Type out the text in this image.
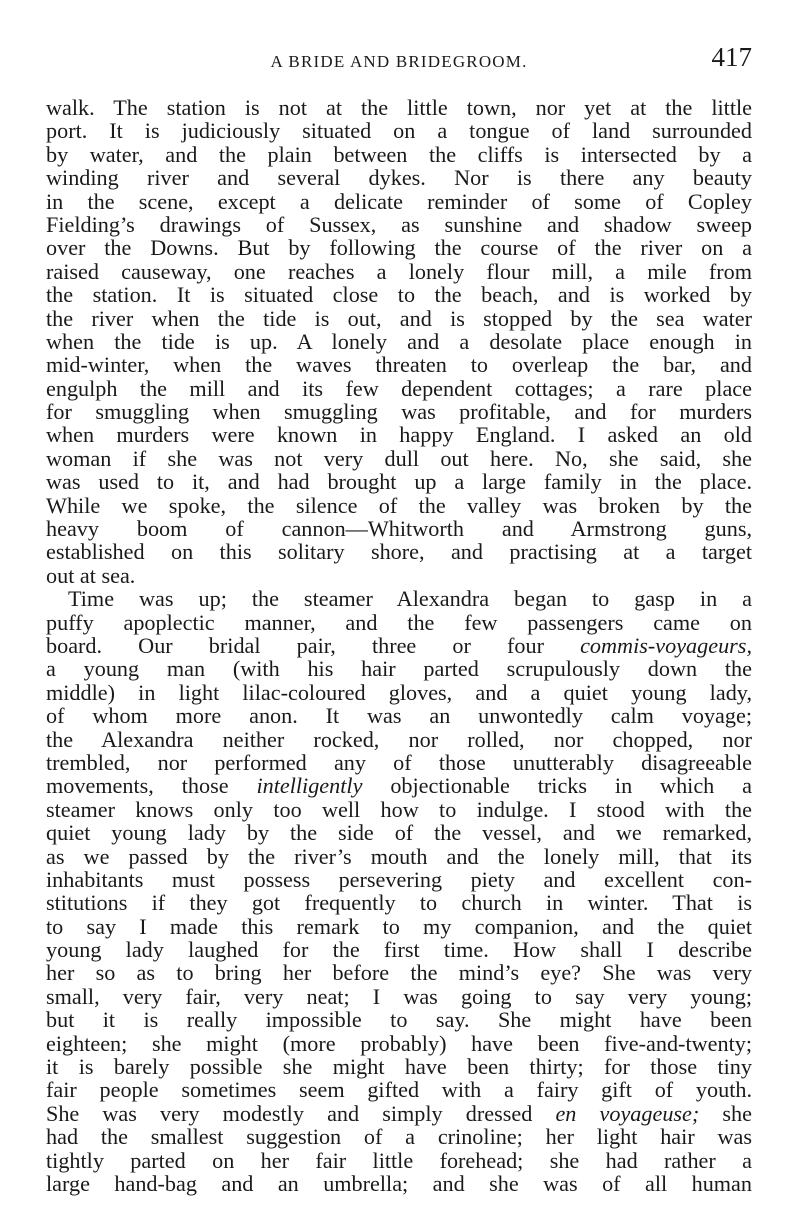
A BRIDE AND BRIDEGROOM.	417
walk. The station is not at the little town, nor yet at the little
port. It is judiciously situated on a tongue of land surrounded
by water, and the plain between the cliffs is intersected by a
winding river and several dykes. Nor is there any beauty
in the scene, except a delicate reminder of some of Copley
Fielding’s drawings of Sussex, as sunshine and shadow sweep
over the Downs. But by following the course of the river on a
raised causeway, one reaches a lonely flour mill, a mile from
the station. It is situated close to the beach, and is worked by
the river when the tide is out, and is stopped by the sea water
when the tide is up. A lonely and a desolate place enough in
mid-winter, when the waves threaten to overleap the bar, and
engulph the mill and its few dependent cottages; a rare place
for smuggling when smuggling was profitable, and for murders
when murders were known in happy England. I asked an old
woman if she was not very dull out here. No, she said, she
was used to it, and had brought up a large family in the place.
While we spoke, the silence of the valley was broken by the
heavy boom of cannon—Whitworth and Armstrong guns,
established on this solitary shore, and practising at a target
out at sea.
Time was up; the steamer Alexandra began to gasp in a
puffy apoplectic manner, and the few passengers came on
board. Our bridal pair, three or four commis-voyageurs,
a young man (with his hair parted scrupulously down the
middle) in light lilac-coloured gloves, and a quiet young lady,
of whom more anon. It was an unwontedly calm voyage;
the Alexandra neither rocked, nor rolled, nor chopped, nor
trembled, nor performed any of those unutterably disagreeable
movements, those intelligently objectionable tricks in which a
steamer knows only too well how to indulge. I stood with the
quiet young lady by the side of the vessel, and we remarked,
as we passed by the river’s mouth and the lonely mill, that its
inhabitants must possess persevering piety and excellent con-
stitutions if they got frequently to church in winter. That is
to say I made this remark to my companion, and the quiet
young lady laughed for the first time. How shall I describe
her so as to bring her before the mind’s eye? She was very
small, very fair, very neat; I was going to say very young;
but it is really impossible to say. She might have been
eighteen; she might (more probably) have been five-and-twenty;
it is barely possible she might have been thirty; for those tiny
fair people sometimes seem gifted with a fairy gift of youth.
She was very modestly and simply dressed en voyageuse; she
had the smallest suggestion of a crinoline; her light hair was
tightly parted on her fair little forehead; she had rather a
large hand-bag and an umbrella; and she was of all human
